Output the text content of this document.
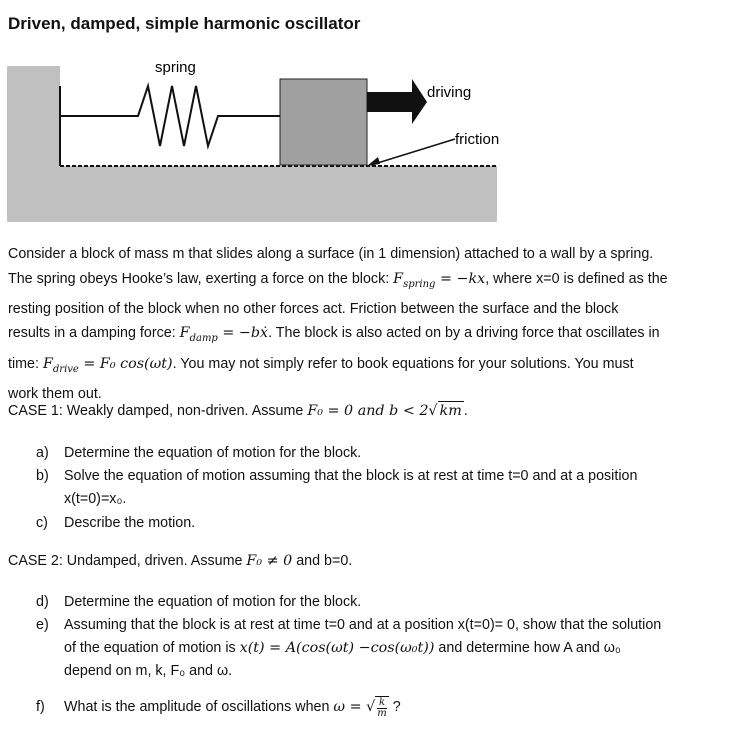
Driven, damped, simple harmonic oscillator
spring
driving
friction
Consider a block of mass m that slides along a surface (in 1 dimension) attached to a wall by a spring.
The spring obeys Hooke’s law, exerting a force on the block: $F_{spring} = -kx$, where x=0 is defined as the
resting position of the block when no other forces act. Friction between the surface and the block
results in a damping force: $F_{damp}$ = −bẋ. The block is also acted on by a driving force that oscillates in
time: $F_{drive} = F_0$ cos(ωt). You may not simply refer to book equations for your solutions. You must
work them out.
CASE 1: Weakly damped, non-driven. Assume F₀ = 0 and b < 2√ km .
a) Determine the equation of motion for the block.
b) Solve the equation of motion assuming that the block is at rest at time t=0 and at a position
x(t=0)=x₀.
c) Describe the motion.
CASE 2: Undamped, driven. Assume F₀ ≠ 0 and b=0.
d) Determine the equation of motion for the block.
e) Assuming that the block is at rest at time t=0 and at a position x(t=0)= 0, show that the solution
of the equation of motion is x(t) = A(cos(ωt) −cos(ω₀t)) and determine how A and ω₀
depend on m, k, F₀ and ω.
f) What is the amplitude of oscillations when ω = √ $\frac{k}{m}$ ?
